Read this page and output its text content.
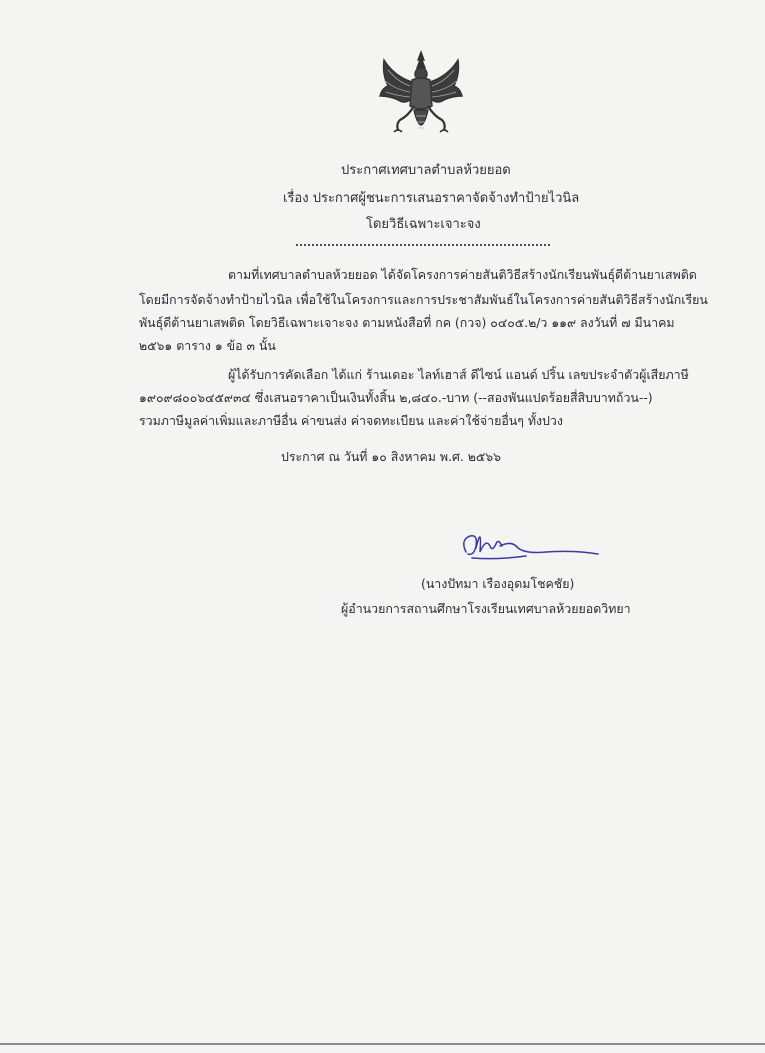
ประกาศเทศบาลตำบลห้วยยอด
เรื่อง ประกาศผู้ชนะการเสนอราคาจัดจ้างทำป้ายไวนิล
โดยวิธีเฉพาะเจาะจง
ตามที่เทศบาลตำบลห้วยยอด ได้จัดโครงการค่ายสันติวิธีสร้างนักเรียนพันธุ์ดีต้านยาเสพติด
โดยมีการจัดจ้างทำป้ายไวนิล เพื่อใช้ในโครงการและการประชาสัมพันธ์ในโครงการค่ายสันติวิธีสร้างนักเรียน
พันธุ์ดีต้านยาเสพติด โดยวิธีเฉพาะเจาะจง ตามหนังสือที่ กค (กวจ) ๐๔๐๕.๒/ว ๑๑๙ ลงวันที่ ๗ มีนาคม
๒๕๖๑ ตาราง ๑ ข้อ ๓ นั้น
ผู้ได้รับการคัดเลือก ได้แก่ ร้านเดอะ ไลท์เฮาส์ ดีไซน์ แอนด์ ปริ้น เลขประจำตัวผู้เสียภาษี
๑๙๐๙๘๐๐๖๔๕๙๓๔ ซึ่งเสนอราคาเป็นเงินทั้งสิ้น ๒,๘๔๐.-บาท (--สองพันแปดร้อยสี่สิบบาทถ้วน--)
รวมภาษีมูลค่าเพิ่มและภาษีอื่น ค่าขนส่ง ค่าจดทะเบียน และค่าใช้จ่ายอื่นๆ ทั้งปวง
ประกาศ ณ วันที่ ๑๐ สิงหาคม พ.ศ. ๒๕๖๖
(นางปัทมา เรืองอุดมโชคชัย)
ผู้อำนวยการสถานศึกษาโรงเรียนเทศบาลห้วยยอดวิทยา
